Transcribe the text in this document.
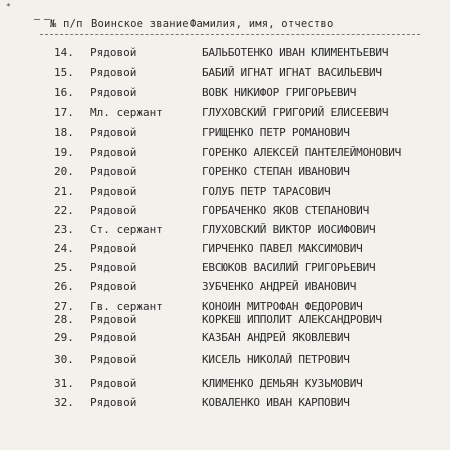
*
‒ ‒ № п/п Воинское звание Фамилия, имя, отчество
14. Рядовой	БАЛЬБОТЕНКО ИВАН КЛИМЕНТЬЕВИЧ
15. Рядовой	БАБИЙ ИГНАТ ИГНАТ ВАСИЛЬЕВИЧ
16. Рядовой	ВОВК НИКИФОР ГРИГОРЬЕВИЧ
17. Мл. сержант	ГЛУХОВСКИЙ ГРИГОРИЙ ЕЛИСЕЕВИЧ
18. Рядовой	ГРИЩЕНКО ПЕТР РОМАНОВИЧ
19. Рядовой	ГОРЕНКО АЛЕКСЕЙ ПАНТЕЛЕЙМОНОВИЧ
20. Рядовой	ГОРЕНКО СТЕПАН ИВАНОВИЧ
21. Рядовой	ГОЛУБ ПЕТР ТАРАСОВИЧ
22. Рядовой	ГОРБАЧЕНКО ЯКОВ СТЕПАНОВИЧ
23. Ст. сержант	ГЛУХОВСКИЙ ВИКТОР ИОСИФОВИЧ
24. Рядовой	ГИРЧЕНКО ПАВЕЛ МАКСИМОВИЧ
25. Рядовой	ЕВСЮКОВ ВАСИЛИЙ ГРИГОРЬЕВИЧ
26. Рядовой	ЗУБЧЕНКО АНДРЕЙ ИВАНОВИЧ
27. Гв. сержант	КОНОИН МИТРОФАН ФЕДОРОВИЧ
28. Рядовой	КОРКЕШ ИППОЛИТ АЛЕКСАНДРОВИЧ
29. Рядовой	КАЗБАН АНДРЕЙ ЯКОВЛЕВИЧ
30. Рядовой	КИСЕЛЬ НИКОЛАЙ ПЕТРОВИЧ
31. Рядовой	КЛИМЕНКО ДЕМЬЯН КУЗЬМОВИЧ
32. Рядовой	КОВАЛЕНКО ИВАН КАРПОВИЧ
